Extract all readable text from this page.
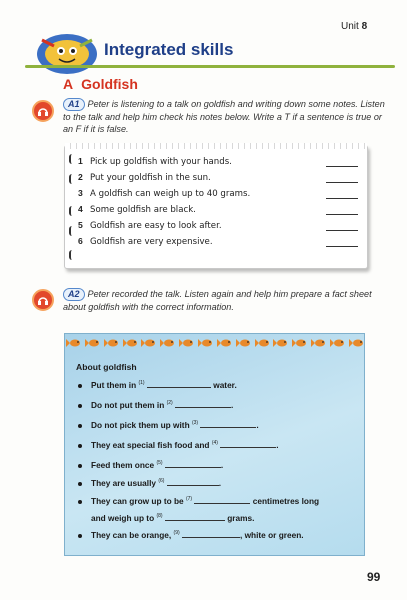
Unit 8
Integrated skills
A Goldfish
A1 Peter is listening to a talk on goldfish and writing down some notes. Listen to the talk and help him check his notes below. Write a T if a sentence is true or an F if it is false.
1 Pick up goldfish with your hands.
2 Put your goldfish in the sun.
3 A goldfish can weigh up to 40 grams.
4 Some goldfish are black.
5 Goldfish are easy to look after.
6 Goldfish are very expensive.
A2 Peter recorded the talk. Listen again and help him prepare a fact sheet about goldfish with the correct information.
About goldfish
Put them in $^{(1)}$	water.
Do not put them in $^{(2)}$	.
Do not pick them up with $^{(3)}$	.
They eat special fish food and $^{(4)}$	.
Feed them once $^{(5)}$	.
They are usually $^{(6)}$	.
They can grow up to be $^{(7)}$	centimetres long
and weigh up to $^{(8)}$	grams.
They can be orange, $^{(9)}$	, white or green.
99
